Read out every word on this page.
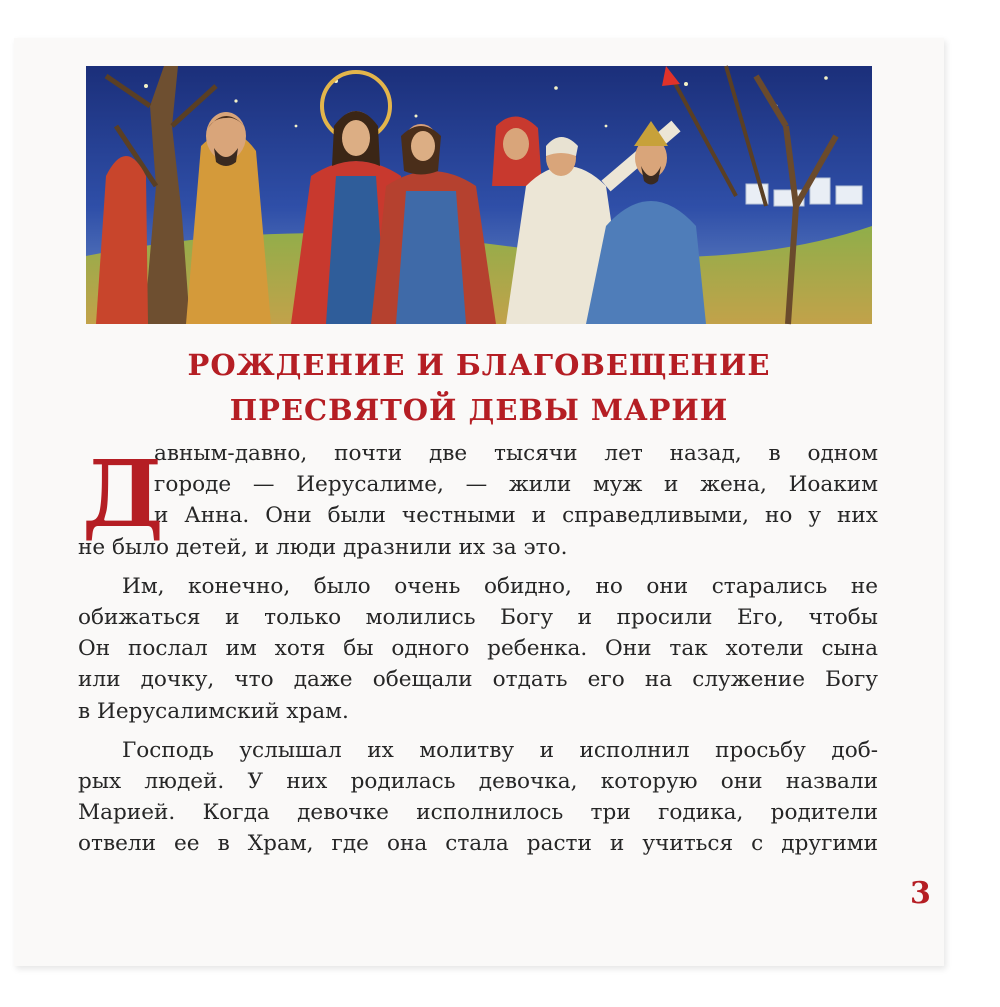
РОЖДЕНИЕ И БЛАГОВЕЩЕНИЕ
ПРЕСВЯТОЙ ДЕВЫ МАРИИ
Д
авным-давно, почти две тысячи лет назад, в одном
городе — Иерусалиме, — жили муж и жена, Иоаким
и Анна. Они были честными и справедливыми, но у них
не было детей, и люди дразнили их за это.
Им, конечно, было очень обидно, но они старались не
обижаться и только молились Богу и просили Его, чтобы
Он послал им хотя бы одного ребенка. Они так хотели сына
или дочку, что даже обещали отдать его на служение Богу
в Иерусалимский храм.
Господь услышал их молитву и исполнил просьбу доб-
рых людей. У них родилась девочка, которую они назвали
Марией. Когда девочке исполнилось три годика, родители
отвели ее в Храм, где она стала расти и учиться с другими
3
